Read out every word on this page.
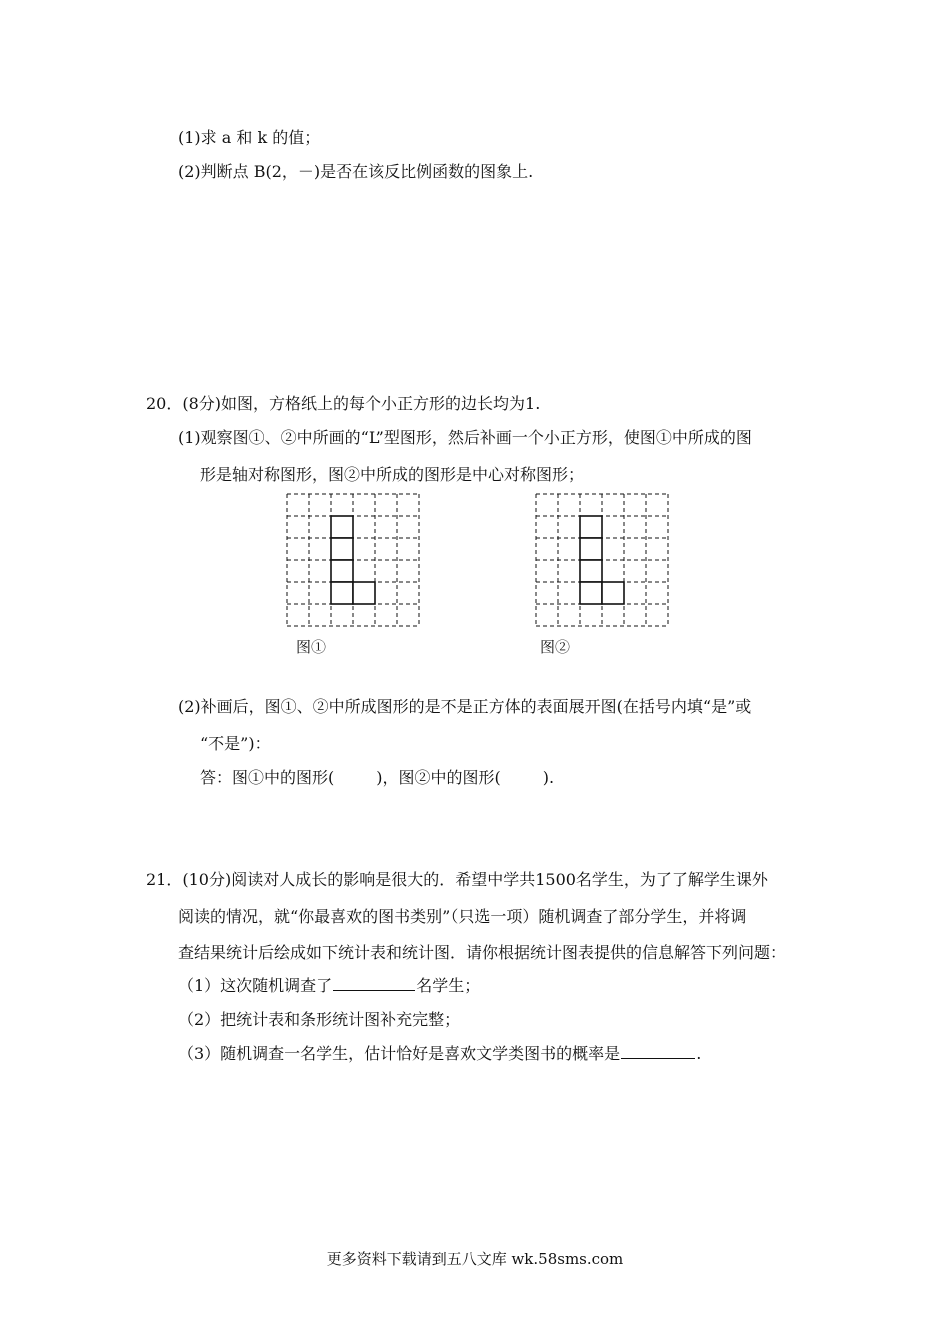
(1)求 a 和 k 的值；
(2)判断点 B(2，－)是否在该反比例函数的图象上.
20．(8分)如图，方格纸上的每个小正方形的边长均为1.
(1)观察图①、②中所画的“L”型图形，然后补画一个小正方形，使图①中所成的图
形是轴对称图形，图②中所成的图形是中心对称图形；
图①	图②
(2)补画后，图①、②中所成图形的是不是正方体的表面展开图(在括号内填“是”或
“不是”)：
答：图①中的图形(	)，图②中的图形(	).
21．(10分)阅读对人成长的影响是很大的．希望中学共1500名学生，为了了解学生课外
阅读的情况，就“你最喜欢的图书类别”（只选一项）随机调查了部分学生，并将调
查结果统计后绘成如下统计表和统计图．请你根据统计图表提供的信息解答下列问题：
（1）这次随机调查了	名学生；
（2）把统计表和条形统计图补充完整；
（3）随机调查一名学生，估计恰好是喜欢文学类图书的概率是	.
更多资料下载请到五八文库 wk.58sms.com
